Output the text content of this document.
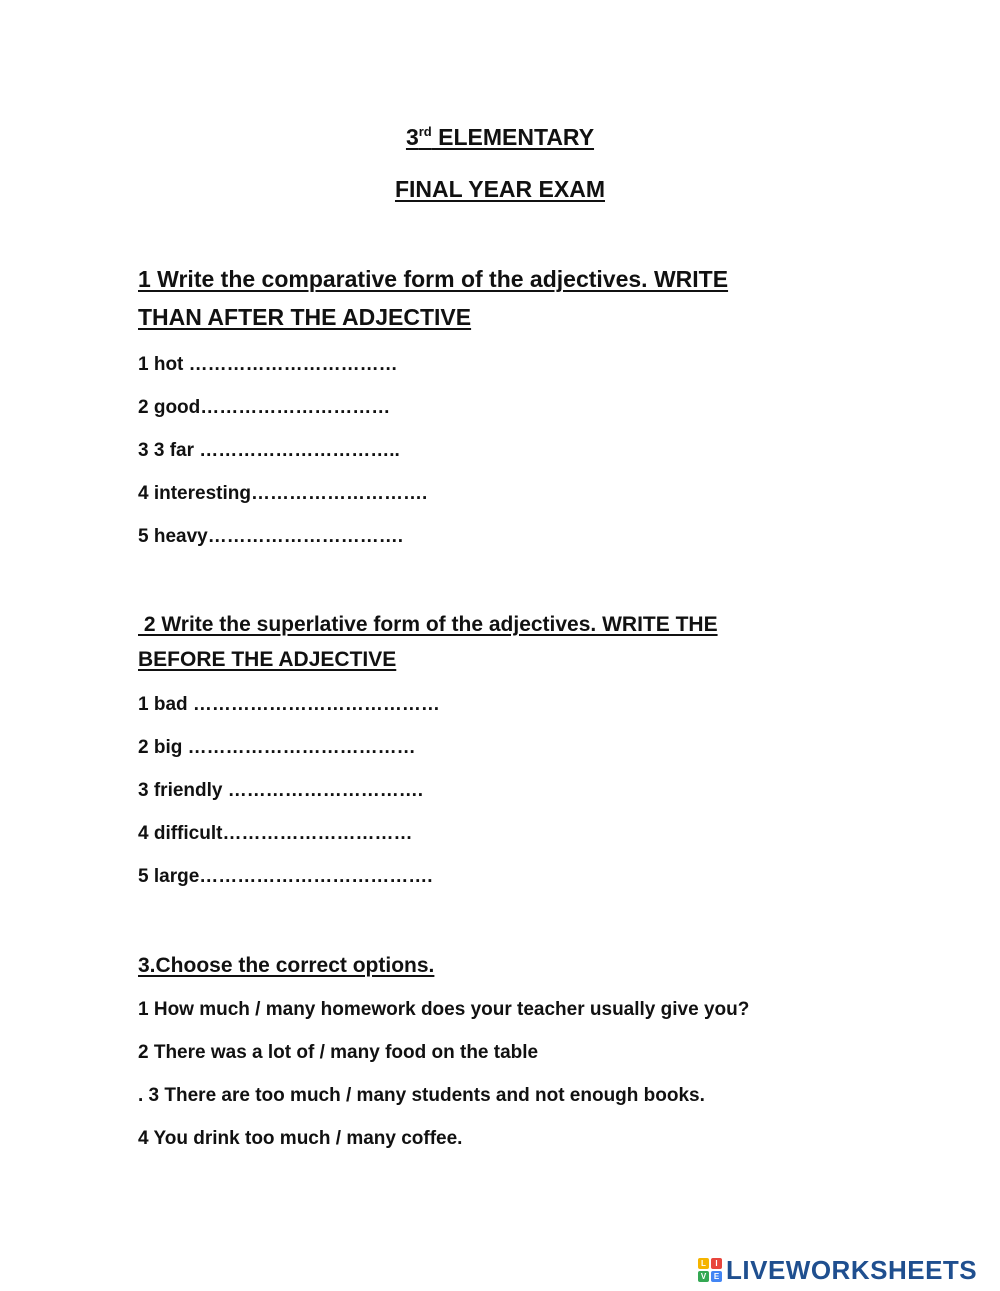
3rd ELEMENTARY
FINAL YEAR EXAM
1 Write the comparative form of the adjectives. WRITE
THAN AFTER THE ADJECTIVE
1 hot ……………………………
2 good…………………………
3 3 far …………………………..
4 interesting……………………….
5 heavy………………………….
2 Write the superlative form of the adjectives. WRITE THE
BEFORE THE ADJECTIVE
1 bad …………………………………
2 big ………………………………
3 friendly ………………………….
4 difficult…………………………
5 large……………………………….
3.Choose the correct options.
1 How much / many homework does your teacher usually give you?
2 There was a lot of / many food on the table
. 3 There are too much / many students and not enough books.
4 You drink too much / many coffee.
L	I
V E LIVEWORKSHEETS
